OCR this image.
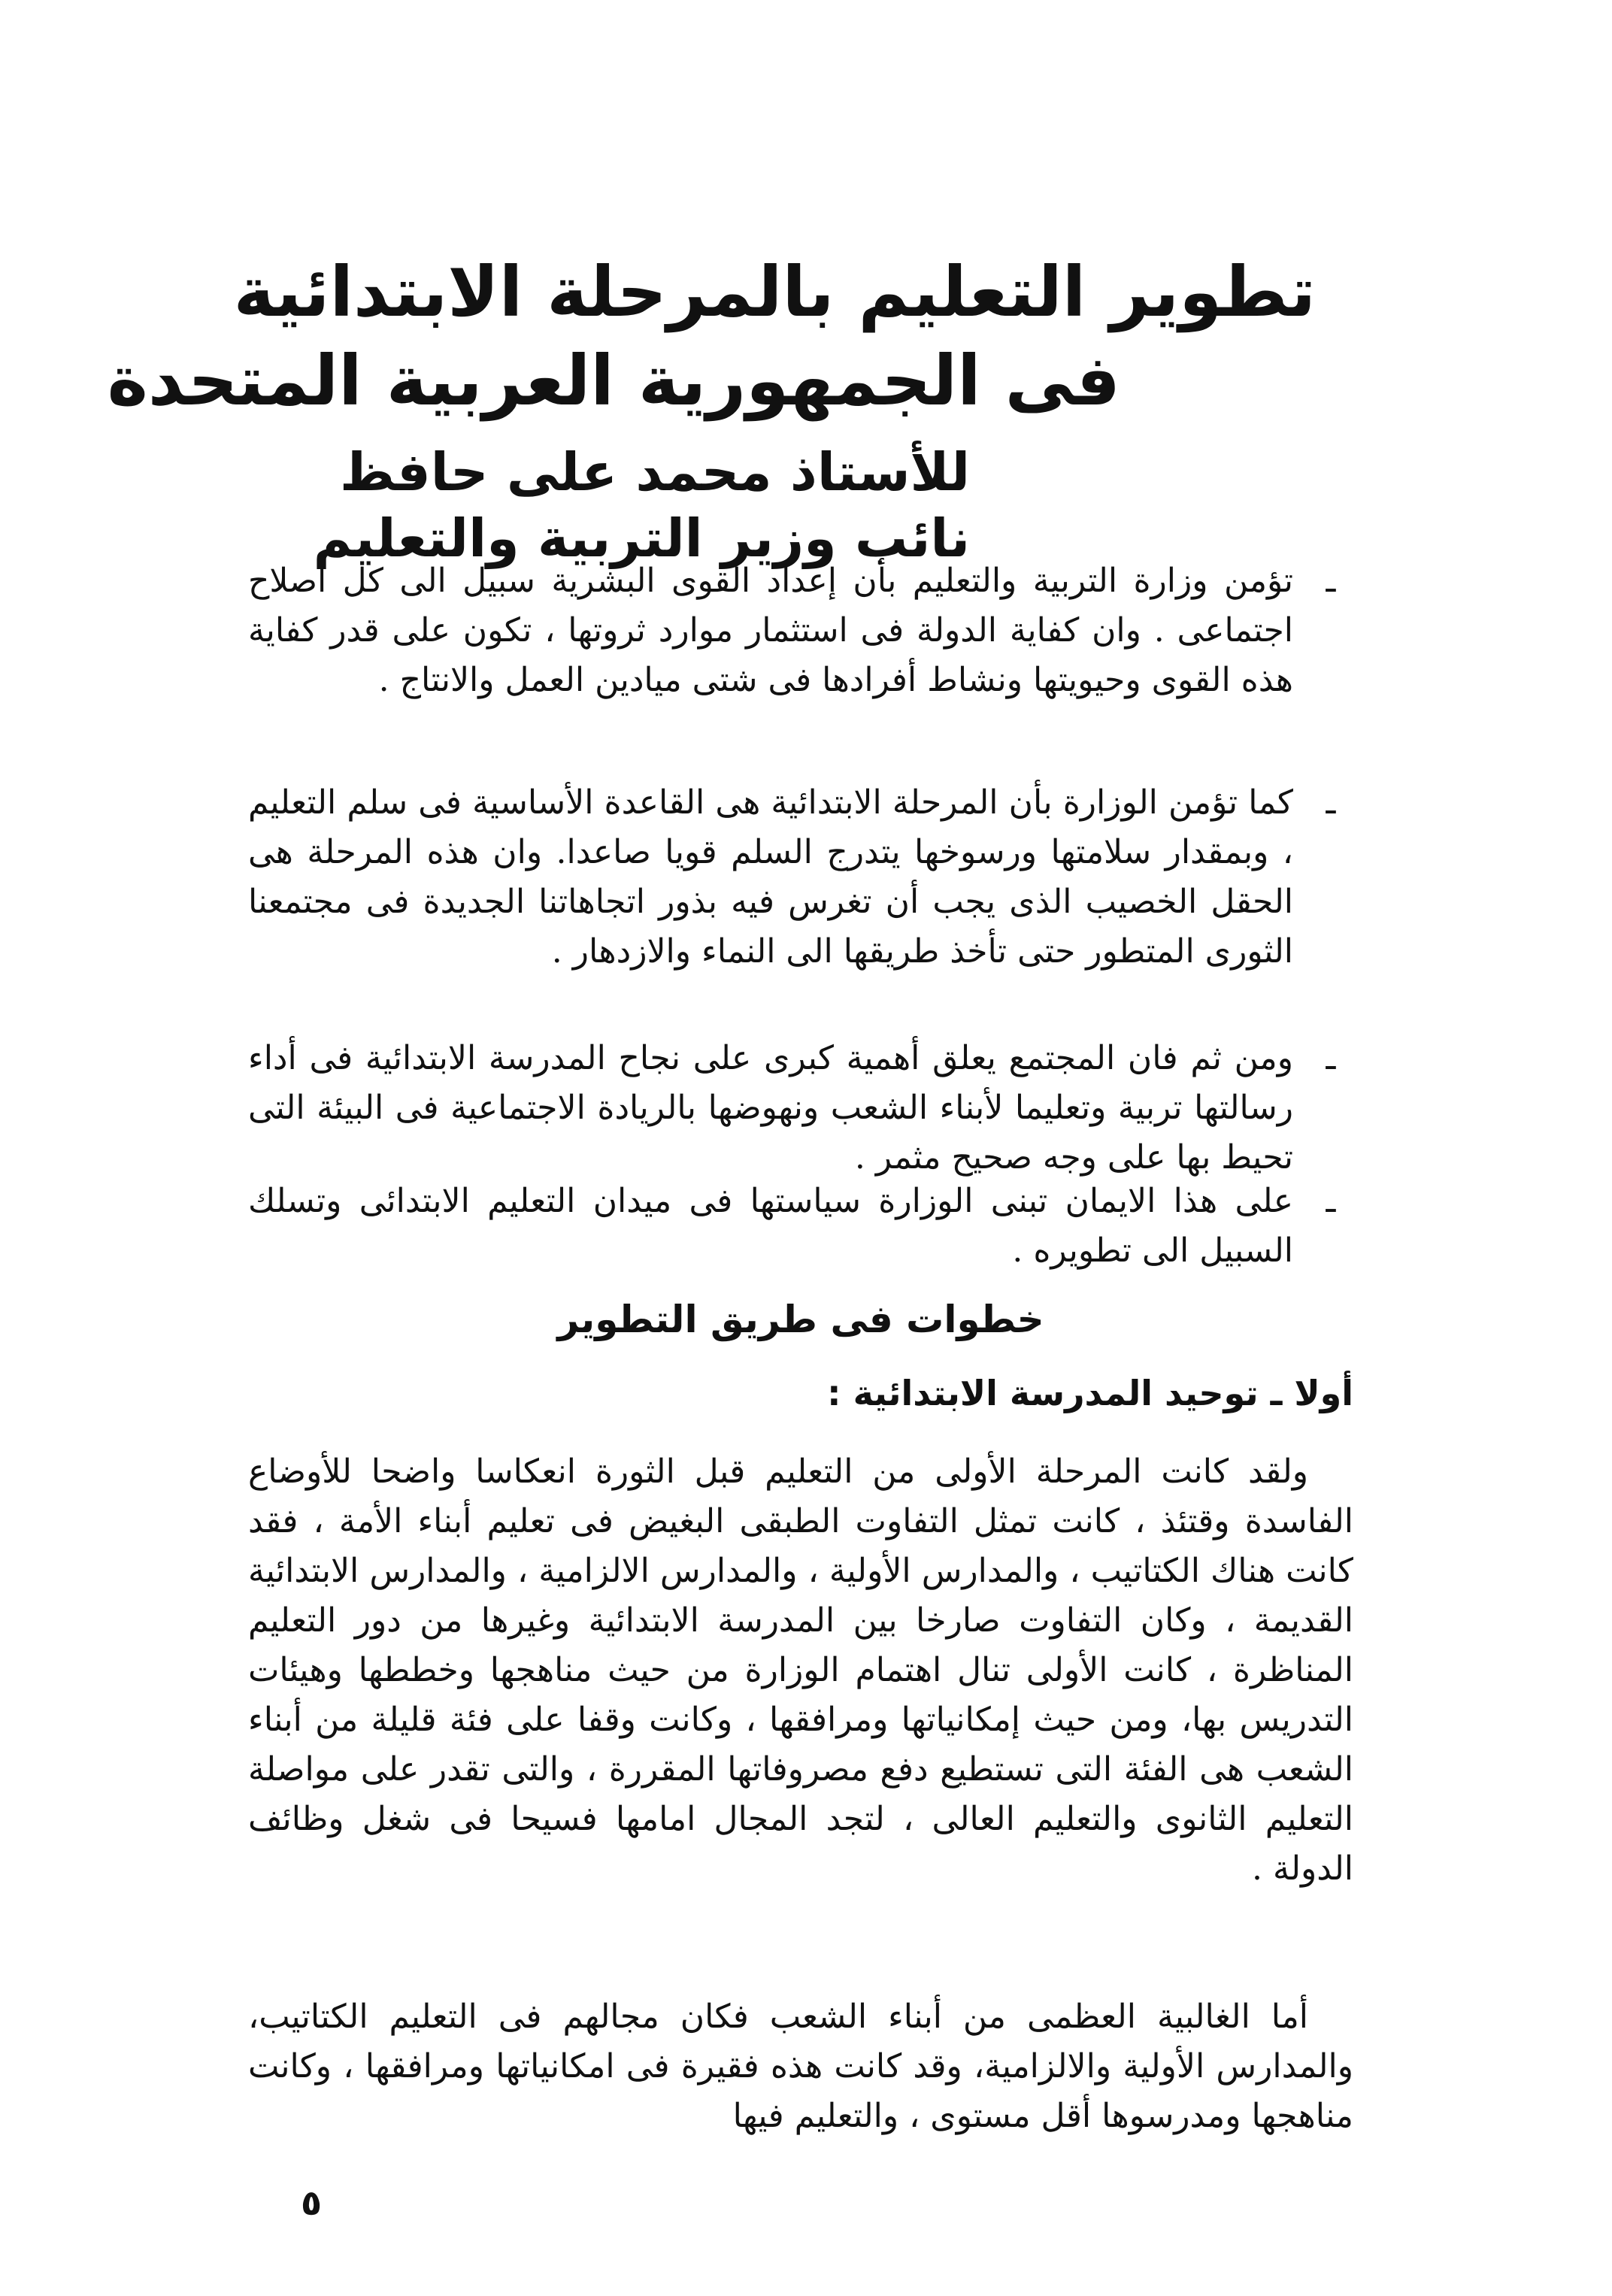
تطوير التعليم بالمرحلة الابتدائية
فى الجمهورية العربية المتحدة
للأستاذ محمد على حافظ
نائب وزير التربية والتعليم

ـ
تؤمن وزارة التربية والتعليم بأن إعداد القوى البشرية سبيل الى كل اصلاح اجتماعى . وان كفاية الدولة فى استثمار موارد ثروتها ، تكون على قدر كفاية هذه القوى وحيويتها ونشاط أفرادها فى شتى ميادين العمل والانتاج .

ـ
كما تؤمن الوزارة بأن المرحلة الابتدائية هى القاعدة الأساسية فى سلم التعليم ، وبمقدار سلامتها ورسوخها يتدرج السلم قويا صاعدا. وان هذه المرحلة هى الحقل الخصيب الذى يجب أن تغرس فيه بذور اتجاهاتنا الجديدة فى مجتمعنا الثورى المتطور حتى تأخذ طريقها الى النماء والازدهار .

ـ
ومن ثم فان المجتمع يعلق أهمية كبرى على نجاح المدرسة الابتدائية فى أداء رسالتها تربية وتعليما لأبناء الشعب ونهوضها بالريادة الاجتماعية فى البيئة التى تحيط بها على وجه صحيح مثمر .

ـ
على هذا الايمان تبنى الوزارة سياستها فى ميدان التعليم الابتدائى وتسلك السبيل الى تطويره .

خطوات فى طريق التطوير
أولا ـ توحيد المدرسة الابتدائية :

ولقد كانت المرحلة الأولى من التعليم قبل الثورة انعكاسا واضحا للأوضاع الفاسدة وقتئذ ، كانت تمثل التفاوت الطبقى البغيض فى تعليم أبناء الأمة ، فقد كانت هناك الكتاتيب ، والمدارس الأولية ، والمدارس الالزامية ، والمدارس الابتدائية القديمة ، وكان التفاوت صارخا بين المدرسة الابتدائية وغيرها من دور التعليم المناظرة ، كانت الأولى تنال اهتمام الوزارة من حيث مناهجها وخططها وهيئات التدريس بها، ومن حيث إمكانياتها ومرافقها ، وكانت وقفا على فئة قليلة من أبناء الشعب هى الفئة التى تستطيع دفع مصروفاتها المقررة ، والتى تقدر على مواصلة التعليم الثانوى والتعليم العالى ، لتجد المجال امامها فسيحا فى شغل وظائف الدولة .

أما الغالبية العظمى من أبناء الشعب فكان مجالهم فى التعليم الكتاتيب، والمدارس الأولية والالزامية، وقد كانت هذه فقيرة فى امكانياتها ومرافقها ، وكانت مناهجها ومدرسوها أقل مستوى ، والتعليم فيها

٥
